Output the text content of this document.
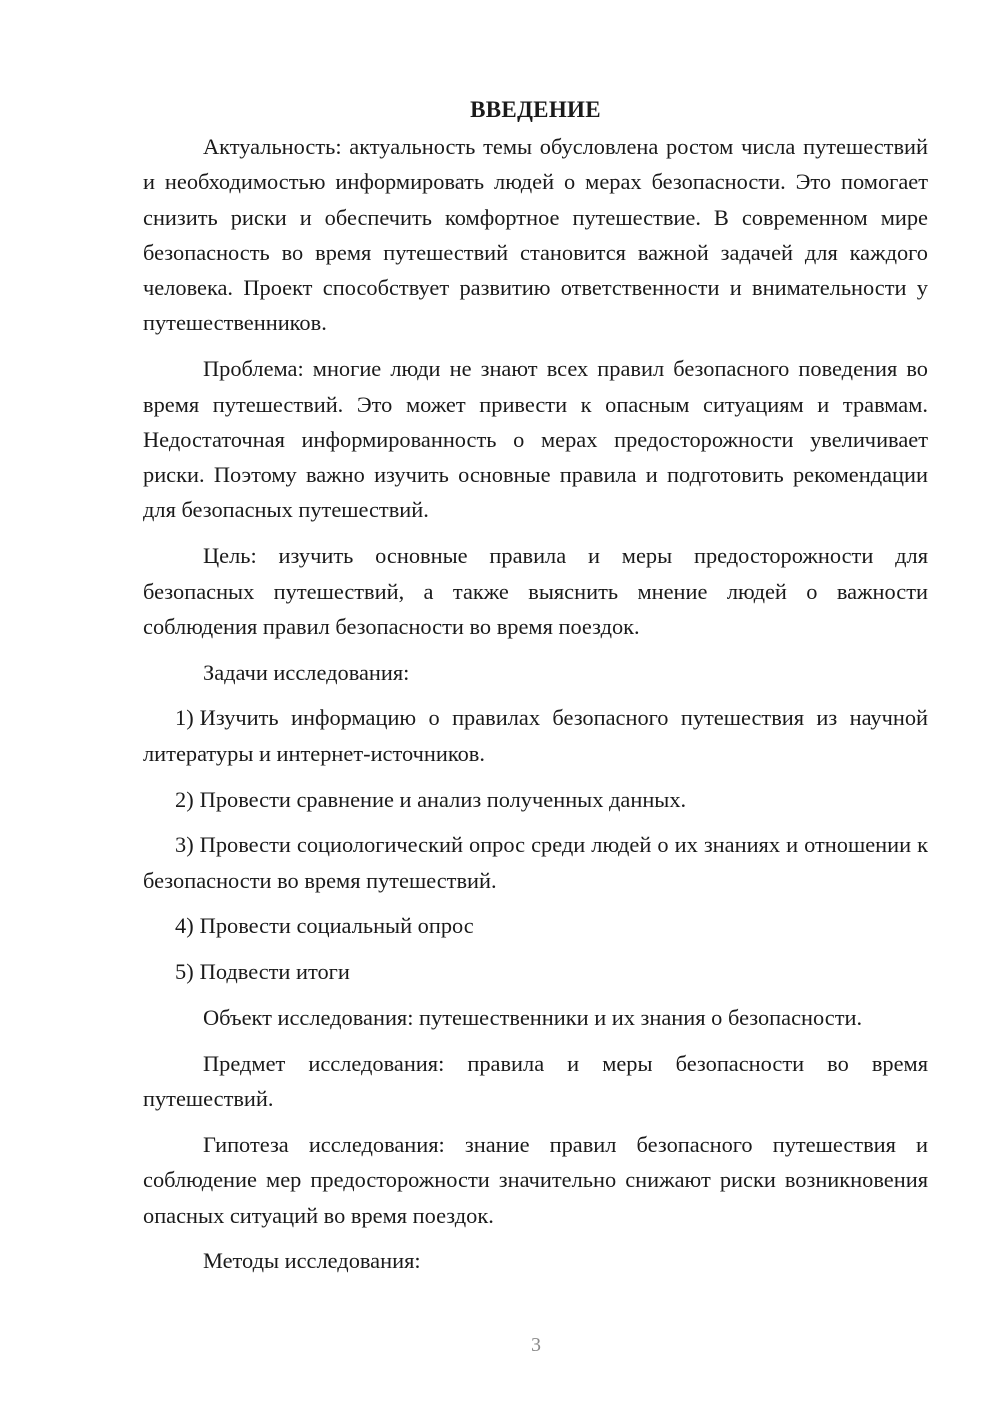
ВВЕДЕНИЕ

Актуальность: актуальность темы обусловлена ростом числа путешествий и необходимостью информировать людей о мерах безопасности. Это помогает снизить риски и обеспечить комфортное путешествие. В современном мире безопасность во время путешествий становится важной задачей для каждого человека. Проект способствует развитию ответственности и внимательности у путешественников.

Проблема: многие люди не знают всех правил безопасного поведения во время путешествий. Это может привести к опасным ситуациям и травмам. Недостаточная информированность о мерах предосторожности увеличивает риски. Поэтому важно изучить основные правила и подготовить рекомендации для безопасных путешествий.

Цель: изучить основные правила и меры предосторожности для безопасных путешествий, а также выяснить мнение людей о важности соблюдения правил безопасности во время поездок.

Задачи исследования:

1) Изучить информацию о правилах безопасного путешествия из научной литературы и интернет-источников.

2) Провести сравнение и анализ полученных данных.

3) Провести социологический опрос среди людей о их знаниях и отношении к безопасности во время путешествий.

4) Провести социальный опрос

5) Подвести итоги

Объект исследования: путешественники и их знания о безопасности.

Предмет исследования: правила и меры безопасности во время путешествий.

Гипотеза исследования: знание правил безопасного путешествия и соблюдение мер предосторожности значительно снижают риски возникновения опасных ситуаций во время поездок.

Методы исследования:

3
